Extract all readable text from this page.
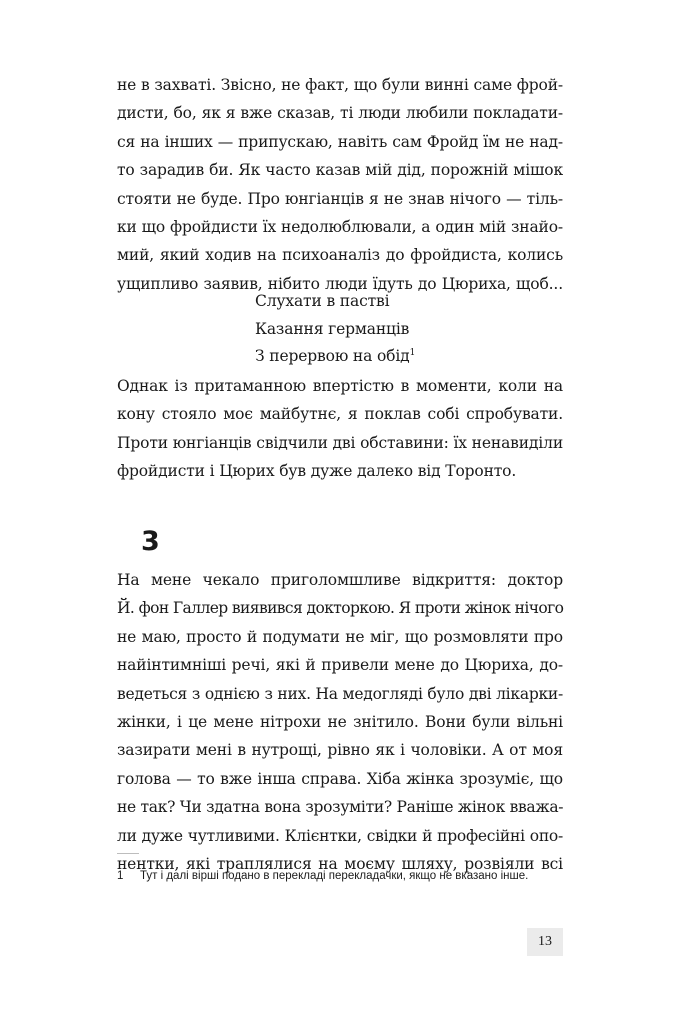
не в захваті. Звісно, не факт, що були винні саме фрой-
дисти, бо, як я вже сказав, ті люди любили покладати-
ся на інших — припускаю, навіть сам Фройд їм не над-
то зарадив би. Як часто казав мій дід, порожній мішок
стояти не буде. Про юнгіанців я не знав нічого — тіль-
ки що фройдисти їх недолюблювали, а один мій знайо-
мий, який ходив на психоаналіз до фройдиста, колись
ущипливо заявив, нібито люди їдуть до Цюриха, щоб...
Слухати в пастві
Казання германців
З перервою на обід$^1$
Однак із притаманною впертістю в моменти, коли на
кону стояло моє майбутнє, я поклав собі спробувати.
Проти юнгіанців свідчили дві обставини: їх ненавиділи
фройдисти і Цюрих був дуже далеко від Торонто.
3
На мене чекало приголомшливе відкриття: доктор
Й. фон Галлер виявився докторкою. Я проти жінок нічого
не маю, просто й подумати не міг, що розмовляти про
найінтимніші речі, які й привели мене до Цюриха, до-
ведеться з однією з них. На медогляді було дві лікарки-
жінки, і це мене нітрохи не знітило. Вони були вільні
зазирати мені в нутрощі, рівно як і чоловіки. А от моя
голова — то вже інша справа. Хіба жінка зрозуміє, що
не так? Чи здатна вона зрозуміти? Раніше жінок вважа-
ли дуже чутливими. Клієнтки, свідки й професійні опо-
нентки, які траплялися на моєму шляху, розвіяли всі
1 Тут і далі вірші подано в перекладі перекладачки, якщо не вказано інше.
13
